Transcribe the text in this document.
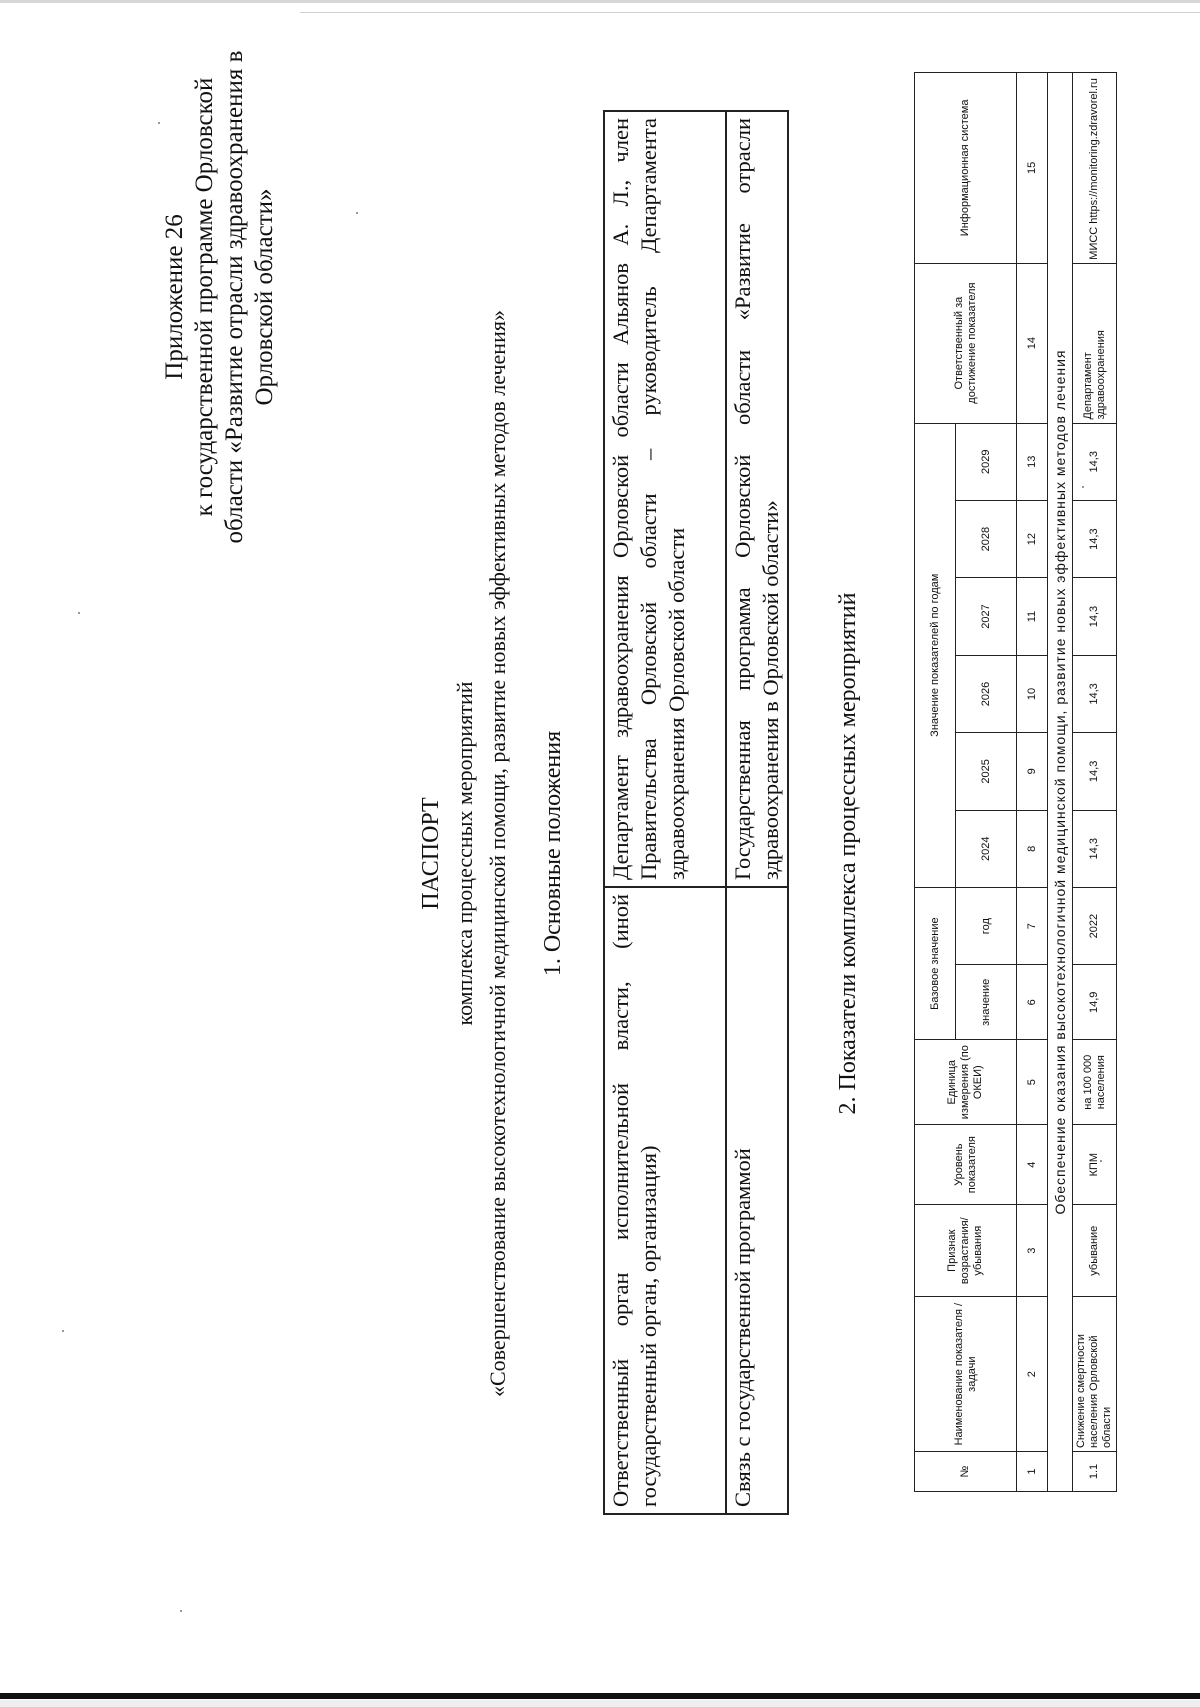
Приложение 26 к государственной программе Орловской области «Развитие отрасли здравоохранения в Орловской области»
ПАСПОРТ комплекса процессных мероприятий «Совершенствование высокотехнологичной медицинской помощи, развитие новых эффективных методов лечения» 1. Основные положения
Ответственный орган исполнительной власти, (иной государственный орган, организация)	Департамент здравоохранения Орловской области Альянов А. Л., член Правительства Орловской области – руководитель Департамента здравоохранения Орловской области
Связь с государственной программой	Государственная программа Орловской области «Развитие отрасли здравоохранения в Орловской области» 2. Показатели комплекса процессных мероприятий
№	Наименование показателя / задачи	Признак возрастания/ убывания	Уровень показателя	Единица измерения (по ОКЕИ)	Базовое значение		Значение показателей по годам						Ответственный за достижение показателя	Информационная система
					значение	год	2024	2025	2026	2027	2028	2029		
1	2	3	4	5	6	7	8	9	10	11	12	13	14	15
Обеспечение оказания высокотехнологичной медицинской помощи, развитие новых эффективных методов лечения														
1.1	Снижение смертности населения Орловской области	убывание	КПМ	на 100 000 населения	14,9	2022	14,3	14,3	14,3	14,3	14,3	14,3	Департамент здравоохранения	МИСС https://monitoring.zdravorel.ru
